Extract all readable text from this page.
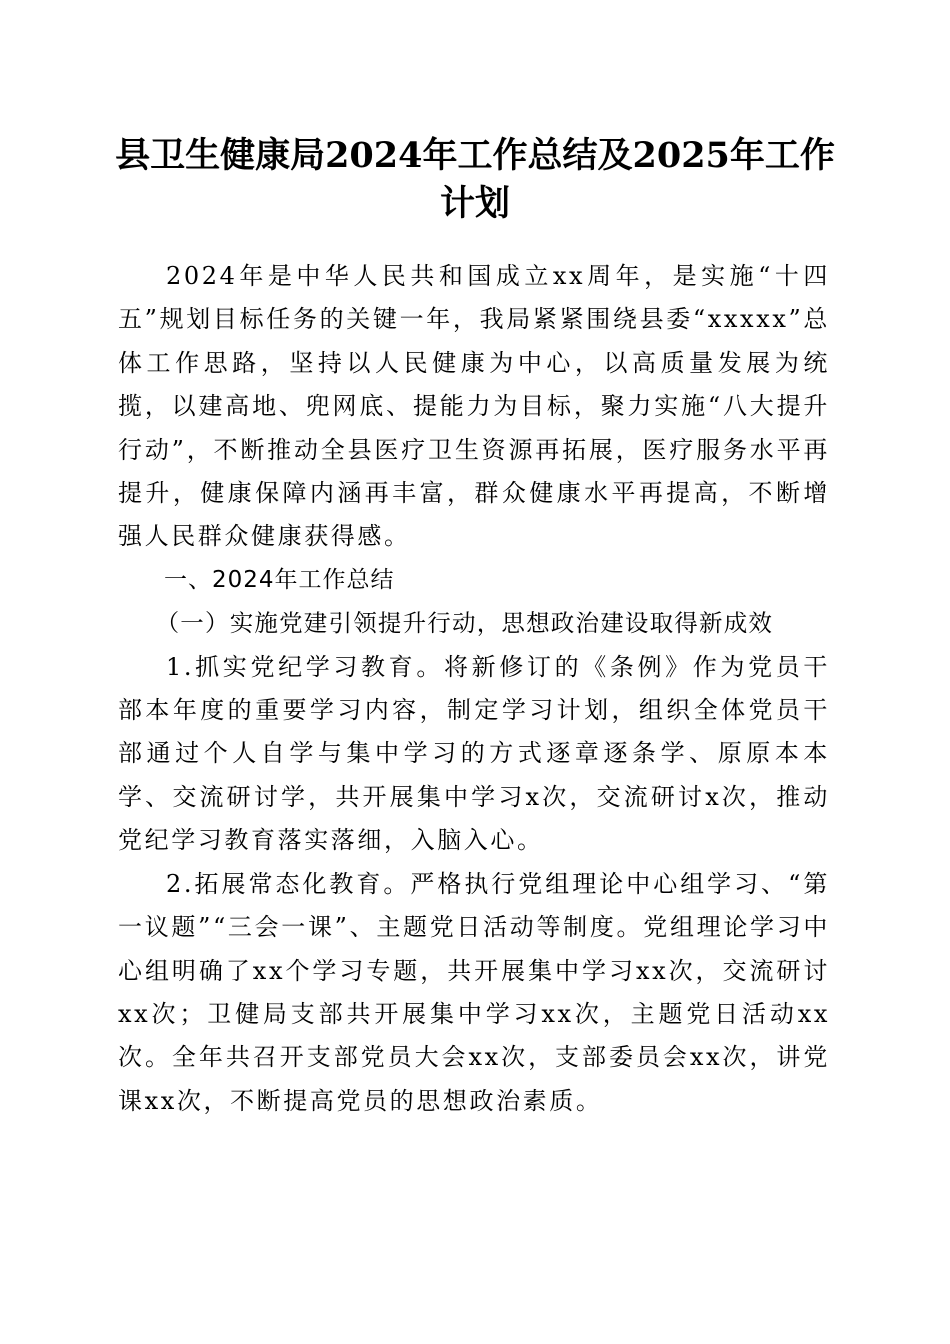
县卫生健康局2024年工作总结及2025年工作
计划

2024年是中华人民共和国成立xx周年，是实施“十四五”规划目标任务的关键一年，我局紧紧围绕县委“xxxxx”总体工作思路，坚持以人民健康为中心，以高质量发展为统揽，以建高地、兜网底、提能力为目标，聚力实施“八大提升行动”，不断推动全县医疗卫生资源再拓展，医疗服务水平再提升，健康保障内涵再丰富，群众健康水平再提高，不断增强人民群众健康获得感。

一、2024年工作总结

（一）实施党建引领提升行动，思想政治建设取得新成效

1.抓实党纪学习教育。将新修订的《条例》作为党员干部本年度的重要学习内容，制定学习计划，组织全体党员干部通过个人自学与集中学习的方式逐章逐条学、原原本本学、交流研讨学，共开展集中学习x次，交流研讨x次，推动党纪学习教育落实落细，入脑入心。

2.拓展常态化教育。严格执行党组理论中心组学习、“第一议题”“三会一课”、主题党日活动等制度。党组理论学习中心组明确了xx个学习专题，共开展集中学习xx次，交流研讨xx次；卫健局支部共开展集中学习xx次，主题党日活动xx次。全年共召开支部党员大会xx次，支部委员会xx次，讲党课xx次，不断提高党员的思想政治素质。
